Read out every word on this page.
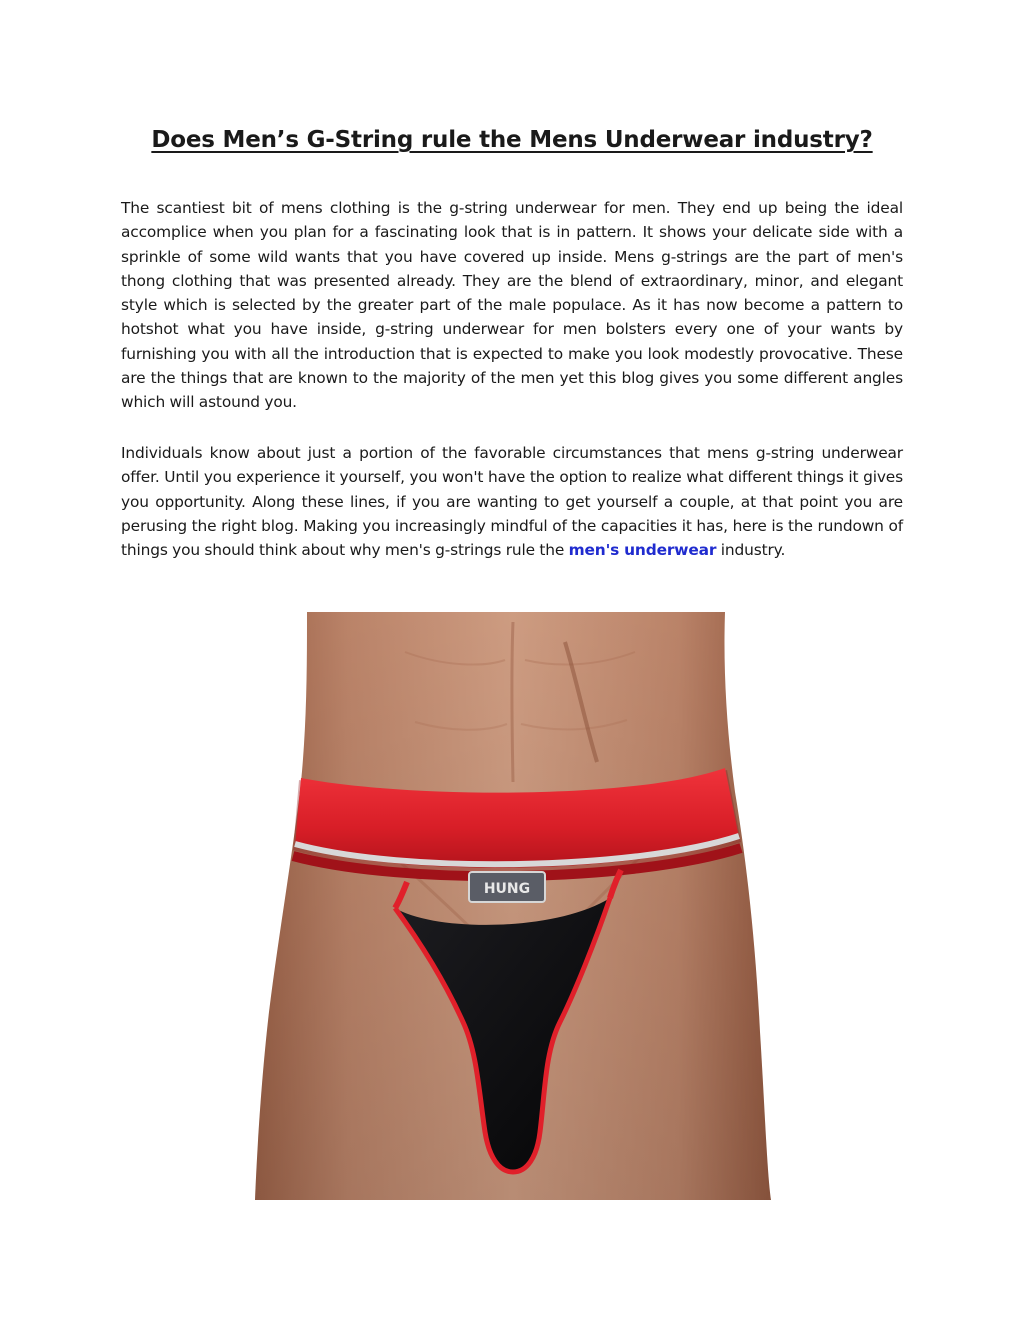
Does Men’s G-String rule the Mens Underwear industry?

The scantiest bit of mens clothing is the g-string underwear for men. They end up being the ideal accomplice when you plan for a fascinating look that is in pattern. It shows your delicate side with a sprinkle of some wild wants that you have covered up inside. Mens g-strings are the part of men's thong clothing that was presented already. They are the blend of extraordinary, minor, and elegant style which is selected by the greater part of the male populace. As it has now become a pattern to hotshot what you have inside, g-string underwear for men bolsters every one of your wants by furnishing you with all the introduction that is expected to make you look modestly provocative. These are the things that are known to the majority of the men yet this blog gives you some different angles which will astound you.

Individuals know about just a portion of the favorable circumstances that mens g-string underwear offer. Until you experience it yourself, you won't have the option to realize what different things it gives you opportunity. Along these lines, if you are wanting to get yourself a couple, at that point you are perusing the right blog. Making you increasingly mindful of the capacities it has, here is the rundown of things you should think about why men's g-strings rule the men's underwear industry.

HUNG
